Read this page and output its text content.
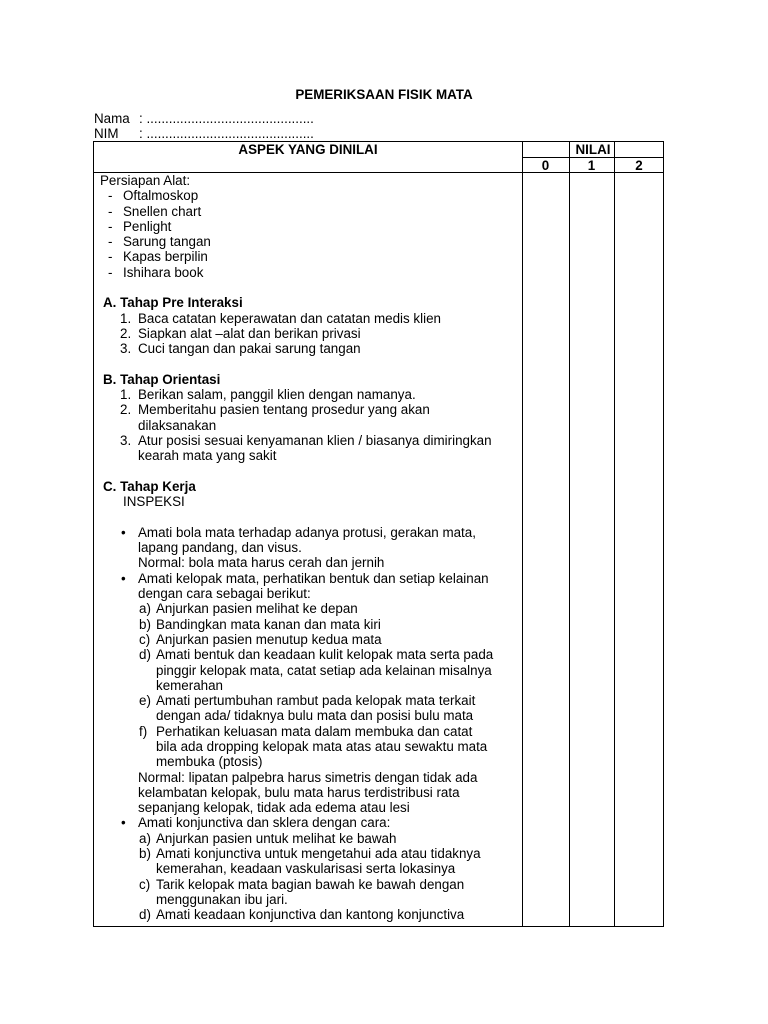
PEMERIKSAAN FISIK MATA
Nama : .............................................
NIM : .............................................
ASPEK YANG DINILAI	NILAI
0	1	2
Persiapan Alat:
- Oftalmoskop
- Snellen chart
- Penlight
- Sarung tangan
- Kapas berpilin
- Ishihara book
A. Tahap Pre Interaksi
1. Baca catatan keperawatan dan catatan medis klien
2. Siapkan alat –alat dan berikan privasi
3. Cuci tangan dan pakai sarung tangan
B. Tahap Orientasi
1. Berikan salam, panggil klien dengan namanya.
2. Memberitahu pasien tentang prosedur yang akan
dilaksanakan
3. Atur posisi sesuai kenyamanan klien / biasanya dimiringkan
kearah mata yang sakit
C. Tahap Kerja
INSPEKSI
• Amati bola mata terhadap adanya protusi, gerakan mata,
lapang pandang, dan visus.
Normal: bola mata harus cerah dan jernih
• Amati kelopak mata, perhatikan bentuk dan setiap kelainan
dengan cara sebagai berikut:
a) Anjurkan pasien melihat ke depan
b) Bandingkan mata kanan dan mata kiri
c) Anjurkan pasien menutup kedua mata
d) Amati bentuk dan keadaan kulit kelopak mata serta pada
pinggir kelopak mata, catat setiap ada kelainan misalnya
kemerahan
e) Amati pertumbuhan rambut pada kelopak mata terkait
dengan ada/ tidaknya bulu mata dan posisi bulu mata
f) Perhatikan keluasan mata dalam membuka dan catat
bila ada dropping kelopak mata atas atau sewaktu mata
membuka (ptosis)
Normal: lipatan palpebra harus simetris dengan tidak ada
kelambatan kelopak, bulu mata harus terdistribusi rata
sepanjang kelopak, tidak ada edema atau lesi
• Amati konjunctiva dan sklera dengan cara:
a) Anjurkan pasien untuk melihat ke bawah
b) Amati konjunctiva untuk mengetahui ada atau tidaknya
kemerahan, keadaan vaskularisasi serta lokasinya
c) Tarik kelopak mata bagian bawah ke bawah dengan
menggunakan ibu jari.
d) Amati keadaan konjunctiva dan kantong konjunctiva
